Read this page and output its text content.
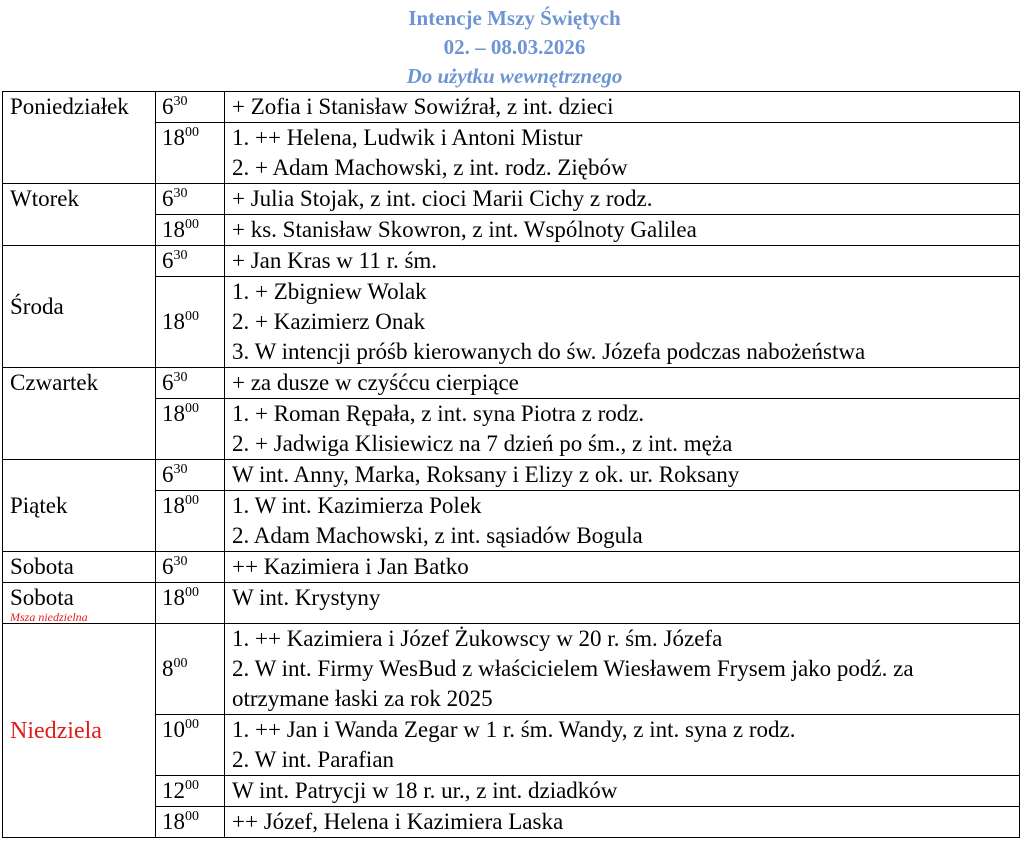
Intencje Mszy Świętych
02. – 08.03.2026
Do użytku wewnętrznego
Poniedziałek	$6^{30}$	+ Zofia i Stanisław Sowiźrał, z int. dzieci

	$18^{00}$	1. ++ Helena, Ludwik i Antoni Mistur
2. + Adam Machowski, z int. rodz. Ziębów

Wtorek	$6^{30}$	+ Julia Stojak, z int. cioci Marii Cichy z rodz.

	$18^{00}$	+ ks. Stanisław Skowron, z int. Wspólnoty Galilea

Środa	$6^{30}$	+ Jan Kras w 11 r. śm.

	$18^{00}$	1. + Zbigniew Wolak
2. + Kazimierz Onak
3. W intencji próśb kierowanych do św. Józefa podczas nabożeństwa

Czwartek	$6^{30}$	+ za dusze w czyśćcu cierpiące

	$18^{00}$	1. + Roman Rępała, z int. syna Piotra z rodz.
2. + Jadwiga Klisiewicz na 7 dzień po śm., z int. męża

Piątek	$6^{30}$	W int. Anny, Marka, Roksany i Elizy z ok. ur. Roksany

	$18^{00}$	1. W int. Kazimierza Polek
2. Adam Machowski, z int. sąsiadów Bogula

Sobota	$6^{30}$	++ Kazimiera i Jan Batko

Sobota
Msza niedzielna	$18^{00}$	W int. Krystyny

Niedziela	$8^{00}$	1. ++ Kazimiera i Józef Żukowscy w 20 r. śm. Józefa
2. W int. Firmy WesBud z właścicielem Wiesławem Frysem jako podź. za
otrzymane łaski za rok 2025

	$10^{00}$	1. ++ Jan i Wanda Zegar w 1 r. śm. Wandy, z int. syna z rodz.
2. W int. Parafian

	$12^{00}$	W int. Patrycji w 18 r. ur., z int. dziadków

	$18^{00}$	++ Józef, Helena i Kazimiera Laska
